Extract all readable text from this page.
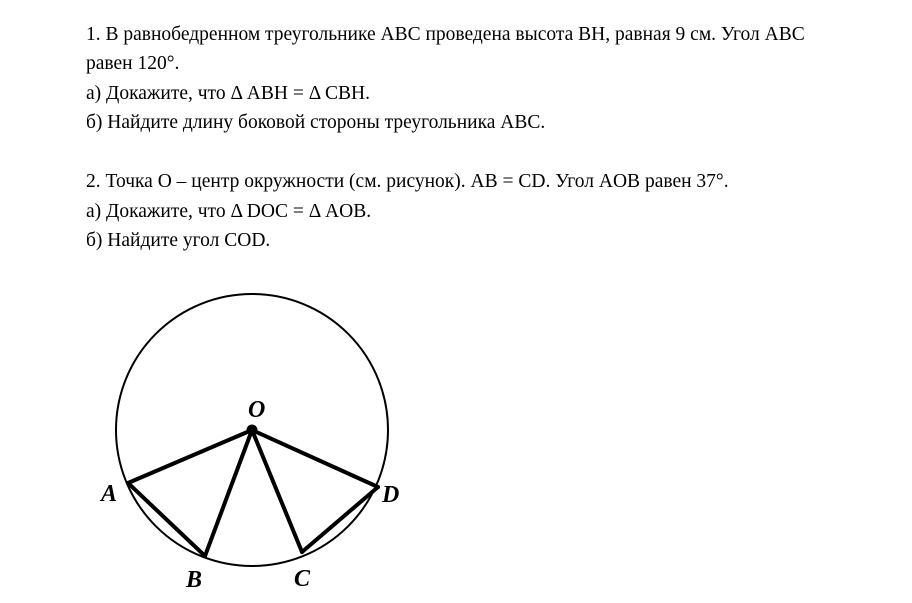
1. В равнобедренном треугольнике ABC проведена высота BH, равная 9 см. Угол ABC
равен 120°.
а) Докажите, что Δ ABH = Δ CBH.
б) Найдите длину боковой стороны треугольника ABC.
2. Точка O – центр окружности (см. рисунок). AB = CD. Угол AOB равен 37°.
а) Докажите, что Δ DOC = Δ AOB.
б) Найдите угол COD.
O
A
B	C
D
